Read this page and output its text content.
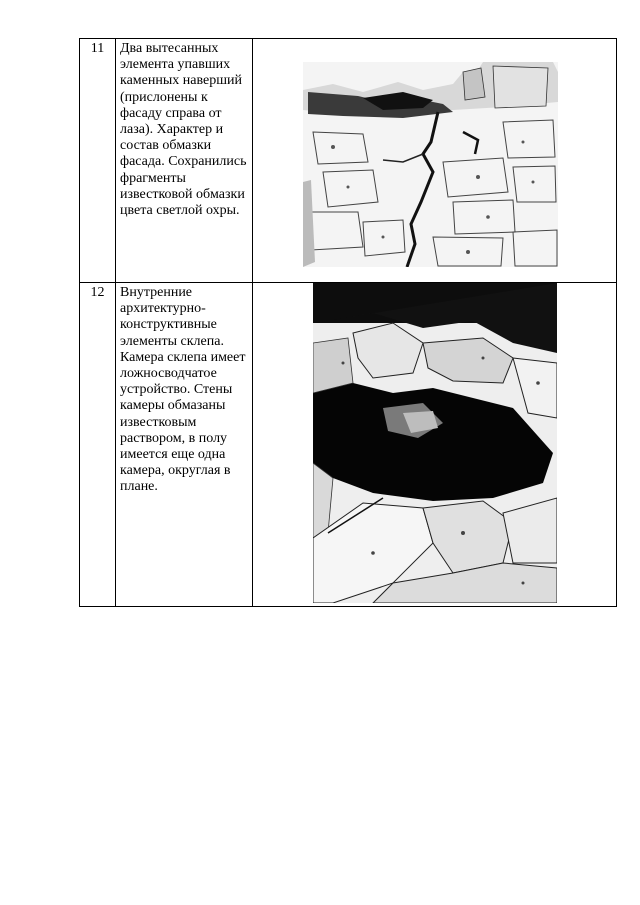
11	Два вытесанных элемента упавших каменных наверший (прислонены к фасаду справа от лаза). Характер и состав обмазки фасада. Сохранились фрагменты известковой обмазки цвета светлой охры.

12	Внутренние архитектурно-конструктивные элементы склепа. Камера склепа имеет ложносводчатое устройство. Стены камеры обмазаны известковым раствором, в полу имеется еще одна камера, округлая в плане.
